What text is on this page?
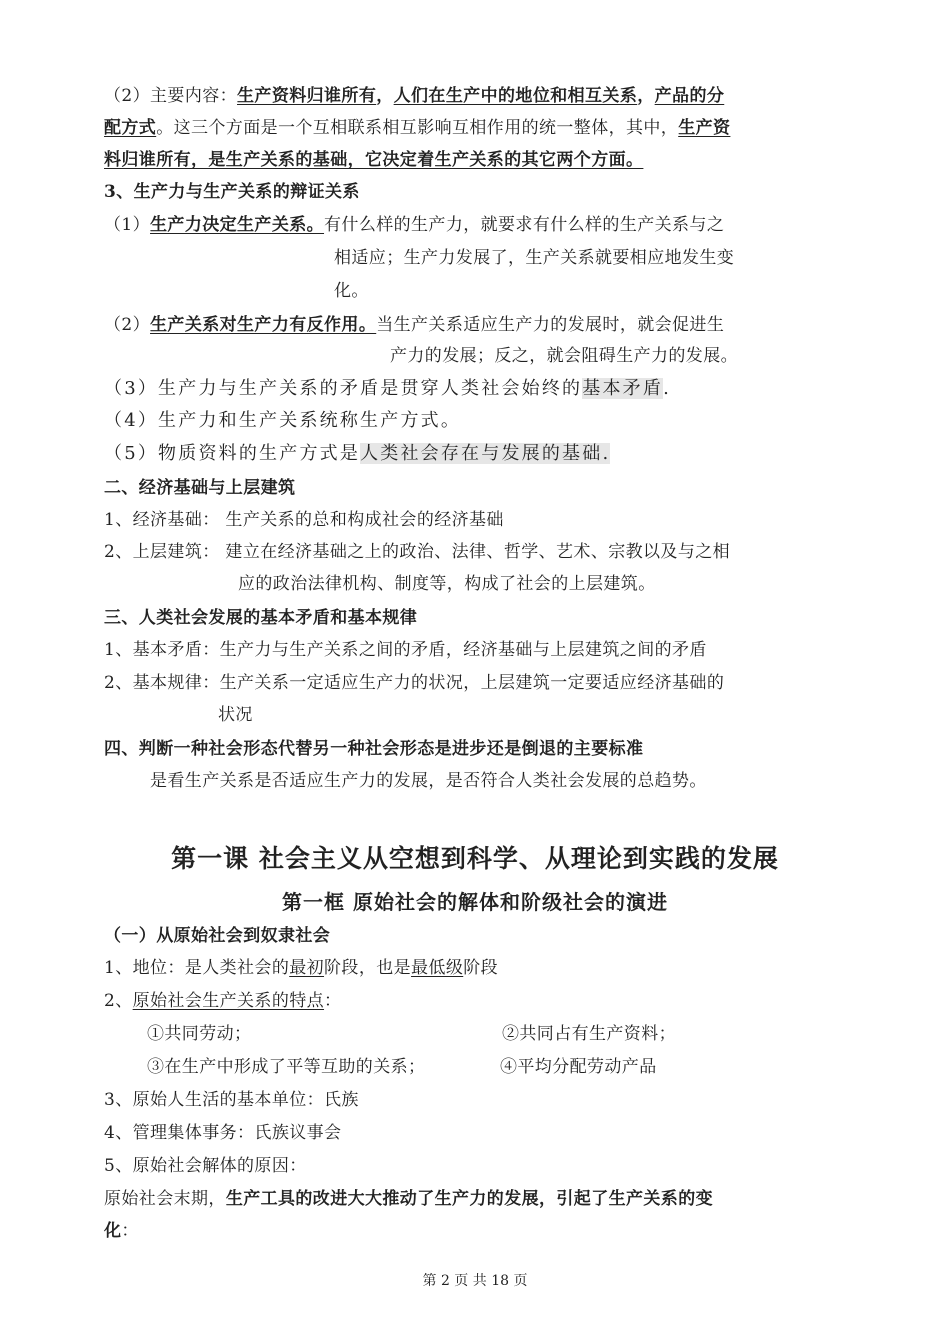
（2）主要内容：生产资料归谁所有，人们在生产中的地位和相互关系，产品的分
配方式。这三个方面是一个互相联系相互影响互相作用的统一整体，其中，生产资
料归谁所有，是生产关系的基础，它决定着生产关系的其它两个方面。
3、生产力与生产关系的辩证关系
（1）生产力决定生产关系。有什么样的生产力，就要求有什么样的生产关系与之
相适应；生产力发展了，生产关系就要相应地发生变
化。
（2）生产关系对生产力有反作用。当生产关系适应生产力的发展时，就会促进生
产力的发展；反之，就会阻碍生产力的发展。
（3）生产力与生产关系的矛盾是贯穿人类社会始终的基本矛盾.
（4）生产力和生产关系统称生产方式。
（5）物质资料的生产方式是人类社会存在与发展的基础.
二、经济基础与上层建筑
1、经济基础： 生产关系的总和构成社会的经济基础
2、上层建筑： 建立在经济基础之上的政治、法律、哲学、艺术、宗教以及与之相
应的政治法律机构、制度等，构成了社会的上层建筑。
三、人类社会发展的基本矛盾和基本规律
1、基本矛盾：生产力与生产关系之间的矛盾，经济基础与上层建筑之间的矛盾
2、基本规律：生产关系一定适应生产力的状况，上层建筑一定要适应经济基础的
状况
四、判断一种社会形态代替另一种社会形态是进步还是倒退的主要标准
是看生产关系是否适应生产力的发展，是否符合人类社会发展的总趋势。
第一课 社会主义从空想到科学、从理论到实践的发展
第一框 原始社会的解体和阶级社会的演进
（一）从原始社会到奴隶社会
1、地位：是人类社会的最初阶段，也是最低级阶段
2、原始社会生产关系的特点：
①共同劳动；	②共同占有生产资料；
③在生产中形成了平等互助的关系；	④平均分配劳动产品
3、原始人生活的基本单位：氏族
4、管理集体事务：氏族议事会
5、原始社会解体的原因：
原始社会末期，生产工具的改进大大推动了生产力的发展，引起了生产关系的变
化：
第 2 页 共 18 页
